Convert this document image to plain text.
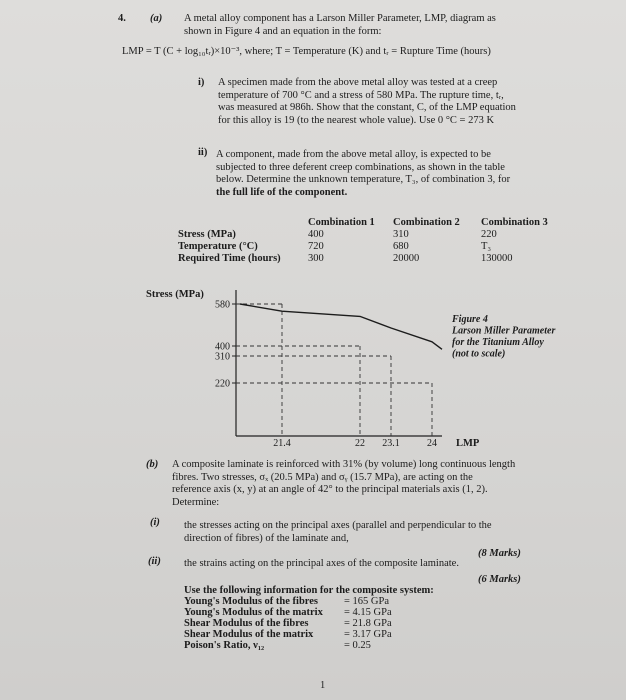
4. (a) A metal alloy component has a Larson Miller Parameter, LMP, diagram as
shown in Figure 4 and an equation in the form:
LMP = T (C + log₁₀tᵣ)×10⁻³, where; T = Temperature (K) and tᵣ = Rupture Time (hours)
i) A specimen made from the above metal alloy was tested at a creep
temperature of 700 °C and a stress of 580 MPa. The rupture time, tᵣ,
was measured at 986h. Show that the constant, C, of the LMP equation
for this alloy is 19 (to the nearest whole value). Use 0 °C = 273 K
ii) A component, made from the above metal alloy, is expected to be
subjected to three deferent creep combinations, as shown in the table
below. Determine the unknown temperature, T₃, of combination 3, for
the full life of the component.
Combination 1 Combination 2 Combination 3
Stress (MPa)	400	310	220
Temperature (°C)	720	680	T₃
Required Time (hours)	300	20000	130000
Stress (MPa)
LMP
580
400
310
220
21.4	22 23.1	24
Figure 4
Larson Miller Parameter
for the Titanium Alloy
(not to scale)
(b) A composite laminate is reinforced with 31% (by volume) long continuous length
fibres. Two stresses, σₓ (20.5 MPa) and σᵧ (15.7 MPa), are acting on the
reference axis (x, y) at an angle of 42° to the principal materials axis (1, 2).
Determine:
(i) the stresses acting on the principal axes (parallel and perpendicular to the
direction of fibres) of the laminate and,
(8 Marks)
(ii) the strains acting on the principal axes of the composite laminate.
(6 Marks)
Use the following information for the composite system:
Young's Modulus of the fibres = 165 GPa
Young's Modulus of the matrix = 4.15 GPa
Shear Modulus of the fibres	= 21.8 GPa
Shear Modulus of the matrix	= 3.17 GPa
Poison's Ratio, ν₁₂	= 0.25
1
